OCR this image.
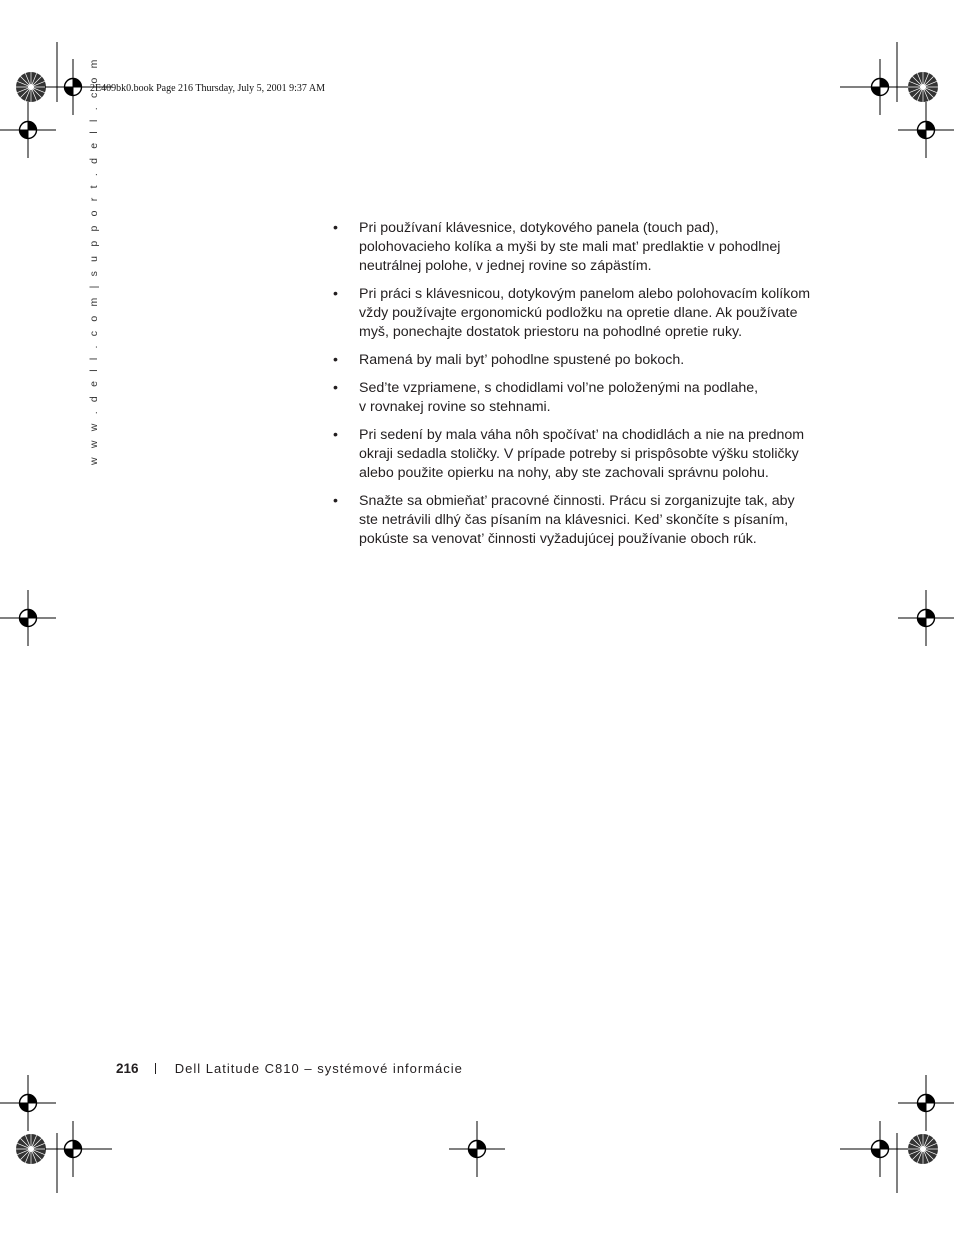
2E409bk0.book Page 216 Thursday, July 5, 2001 9:37 AM
w w w . d e l l . c o m | s u p p o r t . d e l l . c o m	•	Pri používaní klávesnice, dotykového panela (touch pad),
polohovacieho kolíka a myši by ste mali mat’ predlaktie v pohodlnej
neutrálnej polohe, v jednej rovine so zápästím.
•	Pri práci s klávesnicou, dotykovým panelom alebo polohovacím kolíkom
vždy používajte ergonomickú podložku na opretie dlane. Ak používate
myš, ponechajte dostatok priestoru na pohodlné opretie ruky.
•	Ramená by mali byt’ pohodlne spustené po bokoch.
•	Sed’te vzpriamene, s chodidlami vol’ne položenými na podlahe,
v rovnakej rovine so stehnami.
•	Pri sedení by mala váha nôh spočívat’ na chodidlách a nie na prednom
okraji sedadla stoličky. V prípade potreby si prispôsobte výšku stoličky
alebo použite opierku na nohy, aby ste zachovali správnu polohu.
•	Snažte sa obmieňat’ pracovné činnosti. Prácu si zorganizujte tak, aby
ste netrávili dlhý čas písaním na klávesnici. Ked’ skončíte s písaním,
pokúste sa venovat’ činnosti vyžadujúcej používanie oboch rúk.
216	Dell Latitude C810 – systémové informácie
